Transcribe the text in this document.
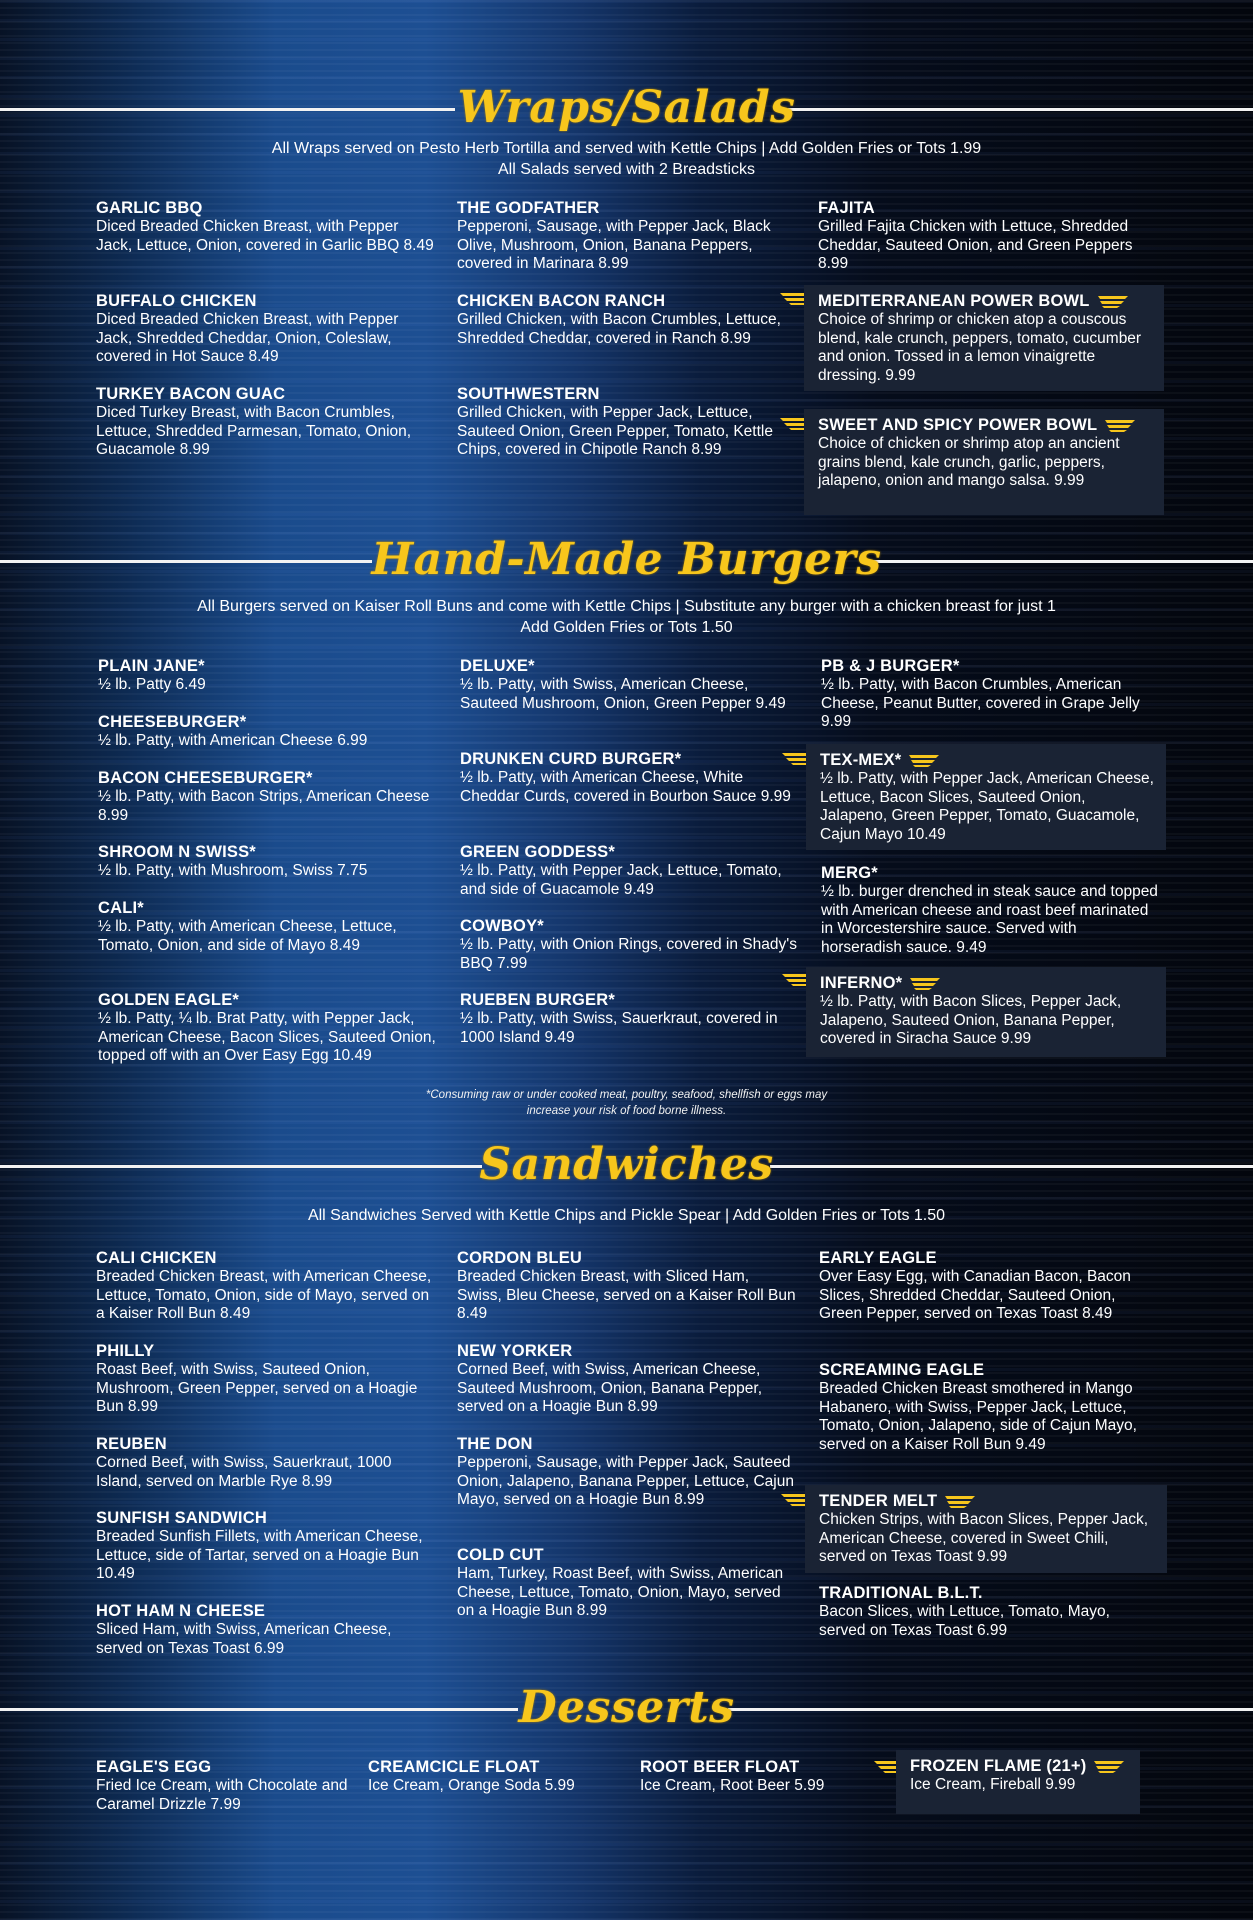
Wraps/Salads
All Wraps served on Pesto Herb Tortilla and served with Kettle Chips | Add Golden Fries or Tots 1.99
All Salads served with 2 Breadsticks
GARLIC BBQ
Diced Breaded Chicken Breast, with Pepper Jack, Lettuce, Onion, covered in Garlic BBQ 8.49
BUFFALO CHICKEN
Diced Breaded Chicken Breast, with Pepper Jack, Shredded Cheddar, Onion, Coleslaw, covered in Hot Sauce 8.49
TURKEY BACON GUAC
Diced Turkey Breast, with Bacon Crumbles, Lettuce, Shredded Parmesan, Tomato, Onion, Guacamole 8.99
THE GODFATHER
Pepperoni, Sausage, with Pepper Jack, Black Olive, Mushroom, Onion, Banana Peppers, covered in Marinara 8.99
CHICKEN BACON RANCH
Grilled Chicken, with Bacon Crumbles, Lettuce, Shredded Cheddar, covered in Ranch 8.99
SOUTHWESTERN
Grilled Chicken, with Pepper Jack, Lettuce, Sauteed Onion, Green Pepper, Tomato, Kettle Chips, covered in Chipotle Ranch 8.99
FAJITA
Grilled Fajita Chicken with Lettuce, Shredded Cheddar, Sauteed Onion, and Green Peppers 8.99
MEDITERRANEAN POWER BOWL
Choice of shrimp or chicken atop a couscous blend, kale crunch, peppers, tomato, cucumber and onion. Tossed in a lemon vinaigrette dressing. 9.99
SWEET AND SPICY POWER BOWL
Choice of chicken or shrimp atop an ancient grains blend, kale crunch, garlic, peppers, jalapeno, onion and mango salsa. 9.99
Hand-Made Burgers
All Burgers served on Kaiser Roll Buns and come with Kettle Chips | Substitute any burger with a chicken breast for just 1
Add Golden Fries or Tots 1.50
PLAIN JANE*
½ lb. Patty 6.49
CHEESEBURGER*
½ lb. Patty, with American Cheese 6.99
BACON CHEESEBURGER*
½ lb. Patty, with Bacon Strips, American Cheese 8.99
SHROOM N SWISS*
½ lb. Patty, with Mushroom, Swiss 7.75
CALI*
½ lb. Patty, with American Cheese, Lettuce, Tomato, Onion, and side of Mayo 8.49
GOLDEN EAGLE*
½ lb. Patty, ¼ lb. Brat Patty, with Pepper Jack, American Cheese, Bacon Slices, Sauteed Onion, topped off with an Over Easy Egg 10.49
DELUXE*
½ lb. Patty, with Swiss, American Cheese, Sauteed Mushroom, Onion, Green Pepper 9.49
DRUNKEN CURD BURGER*
½ lb. Patty, with American Cheese, White Cheddar Curds, covered in Bourbon Sauce 9.99
GREEN GODDESS*
½ lb. Patty, with Pepper Jack, Lettuce, Tomato, and side of Guacamole 9.49
COWBOY*
½ lb. Patty, with Onion Rings, covered in Shady's BBQ 7.99
RUEBEN BURGER*
½ lb. Patty, with Swiss, Sauerkraut, covered in 1000 Island 9.49
PB & J BURGER*
½ lb. Patty, with Bacon Crumbles, American Cheese, Peanut Butter, covered in Grape Jelly 9.99
TEX-MEX*
½ lb. Patty, with Pepper Jack, American Cheese, Lettuce, Bacon Slices, Sauteed Onion, Jalapeno, Green Pepper, Tomato, Guacamole, Cajun Mayo 10.49
MERG*
½ lb. burger drenched in steak sauce and topped with American cheese and roast beef marinated in Worcestershire sauce. Served with horseradish sauce. 9.49
INFERNO*
½ lb. Patty, with Bacon Slices, Pepper Jack, Jalapeno, Sauteed Onion, Banana Pepper, covered in Siracha Sauce 9.99
*Consuming raw or under cooked meat, poultry, seafood, shellfish or eggs may
increase your risk of food borne illness.
Sandwiches
All Sandwiches Served with Kettle Chips and Pickle Spear | Add Golden Fries or Tots 1.50
CALI CHICKEN
Breaded Chicken Breast, with American Cheese, Lettuce, Tomato, Onion, side of Mayo, served on a Kaiser Roll Bun 8.49
PHILLY
Roast Beef, with Swiss, Sauteed Onion, Mushroom, Green Pepper, served on a Hoagie Bun 8.99
REUBEN
Corned Beef, with Swiss, Sauerkraut, 1000 Island, served on Marble Rye 8.99
SUNFISH SANDWICH
Breaded Sunfish Fillets, with American Cheese, Lettuce, side of Tartar, served on a Hoagie Bun 10.49
HOT HAM N CHEESE
Sliced Ham, with Swiss, American Cheese, served on Texas Toast 6.99
CORDON BLEU
Breaded Chicken Breast, with Sliced Ham, Swiss, Bleu Cheese, served on a Kaiser Roll Bun 8.49
NEW YORKER
Corned Beef, with Swiss, American Cheese, Sauteed Mushroom, Onion, Banana Pepper, served on a Hoagie Bun 8.99
THE DON
Pepperoni, Sausage, with Pepper Jack, Sauteed Onion, Jalapeno, Banana Pepper, Lettuce, Cajun Mayo, served on a Hoagie Bun 8.99
COLD CUT
Ham, Turkey, Roast Beef, with Swiss, American Cheese, Lettuce, Tomato, Onion, Mayo, served on a Hoagie Bun 8.99
EARLY EAGLE
Over Easy Egg, with Canadian Bacon, Bacon Slices, Shredded Cheddar, Sauteed Onion, Green Pepper, served on Texas Toast 8.49
SCREAMING EAGLE
Breaded Chicken Breast smothered in Mango Habanero, with Swiss, Pepper Jack, Lettuce, Tomato, Onion, Jalapeno, side of Cajun Mayo, served on a Kaiser Roll Bun 9.49
TENDER MELT
Chicken Strips, with Bacon Slices, Pepper Jack, American Cheese, covered in Sweet Chili, served on Texas Toast 9.99
TRADITIONAL B.L.T.
Bacon Slices, with Lettuce, Tomato, Mayo, served on Texas Toast 6.99
Desserts
EAGLE'S EGG
Fried Ice Cream, with Chocolate and Caramel Drizzle 7.99
CREAMCICLE FLOAT
Ice Cream, Orange Soda 5.99
ROOT BEER FLOAT
Ice Cream, Root Beer 5.99
FROZEN FLAME (21+)
Ice Cream, Fireball 9.99
